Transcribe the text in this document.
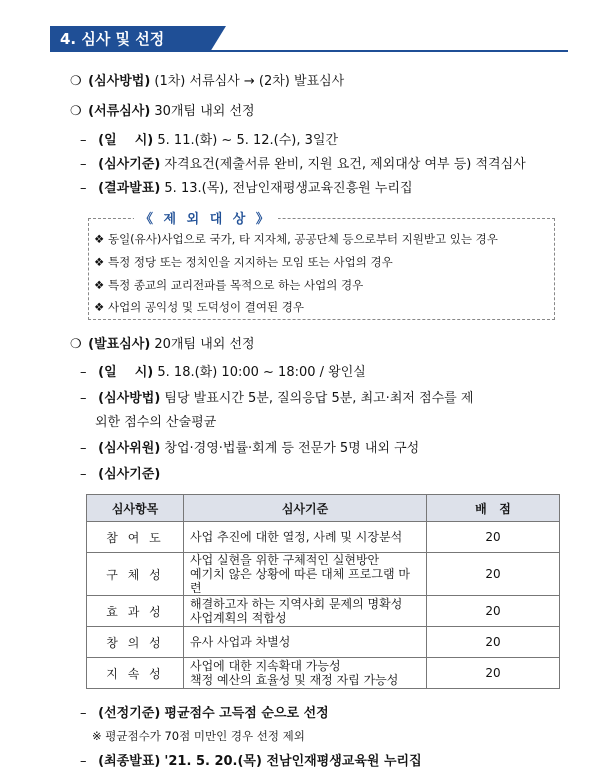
4. 심사 및 선정
❍ (심사방법) (1차) 서류심사 → (2차) 발표심사
❍ (서류심사) 30개팀 내외 선정
– (일    시) 5. 11.(화) ~ 5. 12.(수), 3일간
– (심사기준) 자격요건(제출서류 완비, 지원 요건, 제외대상 여부 등) 적격심사
– (결과발표) 5. 13.(목), 전남인재평생교육진흥원 누리집
《 제 외 대 상 》
❖ 동일(유사)사업으로 국가, 타 지자체, 공공단체 등으로부터 지원받고 있는 경우
❖ 특정 정당 또는 정치인을 지지하는 모임 또는 사업의 경우
❖ 특정 종교의 교리전파를 목적으로 하는 사업의 경우
❖ 사업의 공익성 및 도덕성이 결여된 경우
❍ (발표심사) 20개팀 내외 선정
– (일    시) 5. 18.(화) 10:00 ~ 18:00 / 왕인실
– (심사방법) 팀당 발표시간 5분, 질의응답 5분, 최고·최저 점수를 제
외한 점수의 산술평균
– (심사위원) 창업·경영·법률·회계 등 전문가 5명 내외 구성
– (심사기준)
심사항목	심사기준	배   점
참 여 도	사업 추진에 대한 열정, 사례 및 시장분석	20
구 체 성	사업 실현을 위한 구체적인 실현방안
예기치 않은 상황에 따른 대체 프로그램 마련	20
효 과 성	해결하고자 하는 지역사회 문제의 명확성
사업계획의 적합성	20
창 의 성	유사 사업과 차별성	20
지 속 성	사업에 대한 지속확대 가능성
책정 예산의 효율성 및 재정 자립 가능성	20
– (선정기준) 평균점수 고득점 순으로 선정
※ 평균점수가 70점 미만인 경우 선정 제외
– (최종발표) '21. 5. 20.(목) 전남인재평생교육원 누리집
